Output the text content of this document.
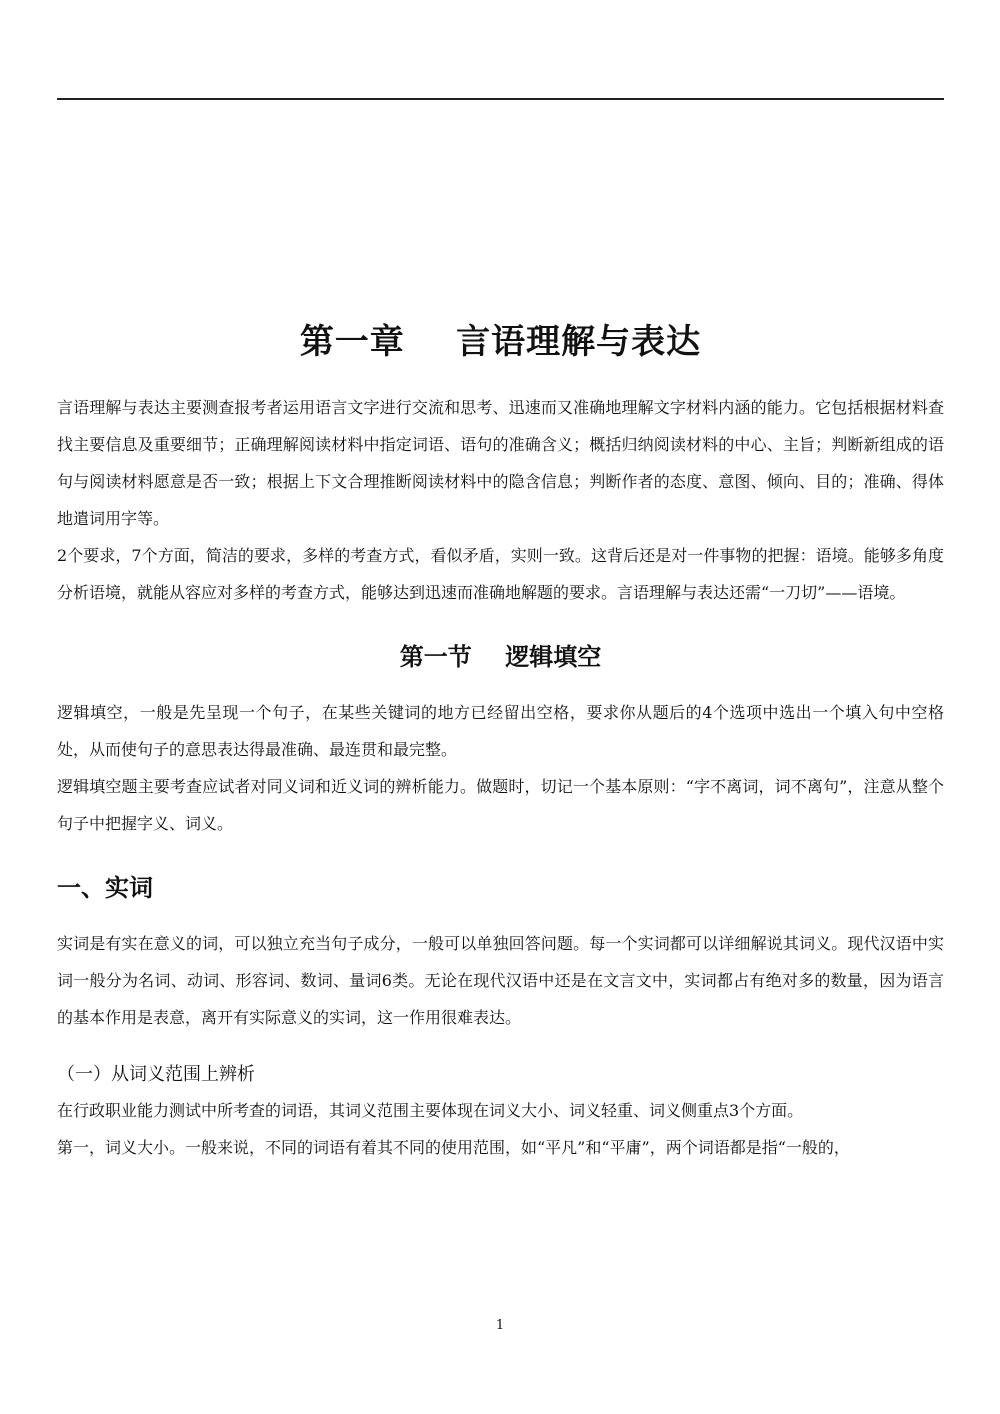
第一章    言语理解与表达

言语理解与表达主要测查报考者运用语言文字进行交流和思考、迅速而又准确地理解文字材料内涵的能力。它包括根据材料查找主要信息及重要细节；正确理解阅读材料中指定词语、语句的准确含义；概括归纳阅读材料的中心、主旨；判断新组成的语句与阅读材料愿意是否一致；根据上下文合理推断阅读材料中的隐含信息；判断作者的态度、意图、倾向、目的；准确、得体地遣词用字等。

2个要求，7个方面，简洁的要求，多样的考查方式，看似矛盾，实则一致。这背后还是对一件事物的把握：语境。能够多角度分析语境，就能从容应对多样的考查方式，能够达到迅速而准确地解题的要求。言语理解与表达还需“一刀切”——语境。

第一节    逻辑填空

逻辑填空，一般是先呈现一个句子，在某些关键词的地方已经留出空格，要求你从题后的4个选项中选出一个填入句中空格处，从而使句子的意思表达得最准确、最连贯和最完整。

逻辑填空题主要考查应试者对同义词和近义词的辨析能力。做题时，切记一个基本原则：“字不离词，词不离句”，注意从整个句子中把握字义、词义。

一、实词

实词是有实在意义的词，可以独立充当句子成分，一般可以单独回答问题。每一个实词都可以详细解说其词义。现代汉语中实词一般分为名词、动词、形容词、数词、量词6类。无论在现代汉语中还是在文言文中，实词都占有绝对多的数量，因为语言的基本作用是表意，离开有实际意义的实词，这一作用很难表达。

（一）从词义范围上辨析

在行政职业能力测试中所考查的词语，其词义范围主要体现在词义大小、词义轻重、词义侧重点3个方面。

第一，词义大小。一般来说，不同的词语有着其不同的使用范围，如“平凡”和“平庸”，两个词语都是指“一般的，

1
